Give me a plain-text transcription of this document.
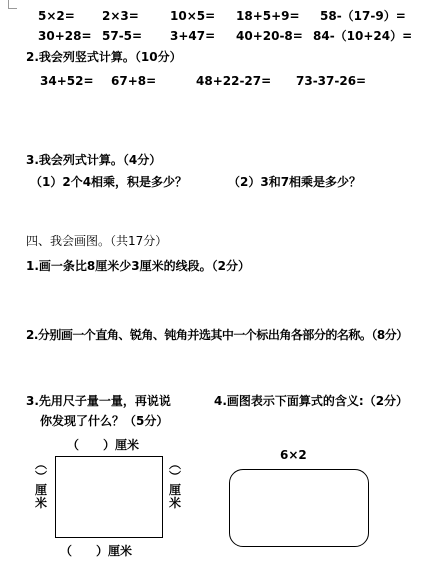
5×2= 2×3=	10×5= 18+5+9= 58-（17-9）=
30+28= 57-5= 3+47= 40+20-8= 84-（10+24）=
2.我会列竖式计算。（10分）
34+52= 67+8=	48+22-27= 73-37-26=
3.我会列式计算。（4分）
（1）2个4相乘，积是多少？	（2）3和7相乘是多少？
四、我会画图。（共17分）
1.画一条比8厘米少3厘米的线段。（2分）
2.分别画一个直角、锐角、钝角并选其中一个标出角各部分的名称。（8分）
3.先用尺子量一量，再说说
你发现了什么？（5分）
4.画图表示下面算式的含义:（2分）
（　　）厘米
（　　）厘米
︵ ︶ 厘 米
︵ ︶ 厘 米
6×2
